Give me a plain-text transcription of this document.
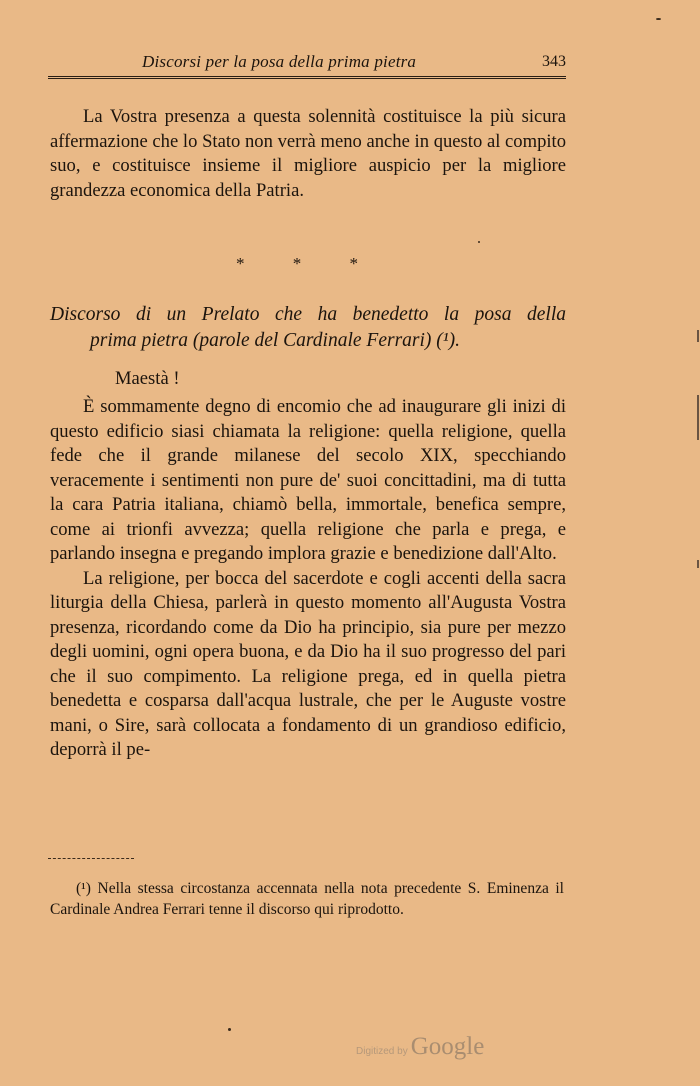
Discorsi per la posa della prima pietra	343

La Vostra presenza a questa solennità costituisce la più sicura affermazione che lo Stato non verrà meno anche in questo al compito suo, e costituisce insieme il migliore auspicio per la migliore grandezza economica della Patria.

* * *
Discorso di un Prelato che ha benedetto la posa della
prima pietra (parole del Cardinale Ferrari) (¹).
Maestà !

È sommamente degno di encomio che ad inaugurare gli inizi di questo edificio siasi chiamata la religione: quella religione, quella fede che il grande milanese del secolo XIX, specchiando veracemente i sentimenti non pure de' suoi concittadini, ma di tutta la cara Patria italiana, chiamò bella, immortale, benefica sempre, come ai trionfi avvezza; quella religione che parla e prega, e parlando insegna e pregando implora grazie e benedizione dall'Alto.

La religione, per bocca del sacerdote e cogli accenti della sacra liturgia della Chiesa, parlerà in questo momento all'Augusta Vostra presenza, ricordando come da Dio ha principio, sia pure per mezzo degli uomini, ogni opera buona, e da Dio ha il suo progresso del pari che il suo compimento. La religione prega, ed in quella pietra benedetta e cosparsa dall'acqua lustrale, che per le Auguste vostre mani, o Sire, sarà collocata a fondamento di un grandioso edificio, deporrà il pe-

(¹) Nella stessa circostanza accennata nella nota precedente S. Eminenza il Cardinale Andrea Ferrari tenne il discorso qui riprodotto.
Digitized by Google
